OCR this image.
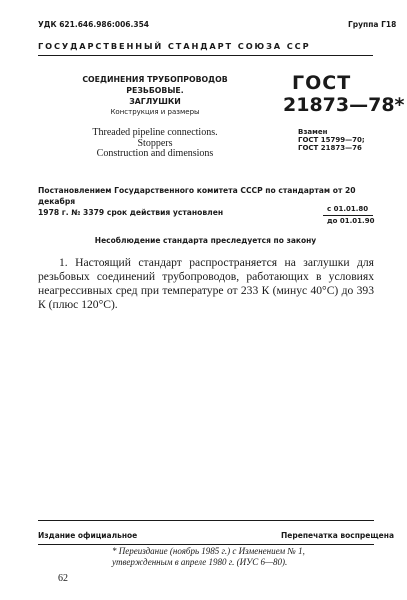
УДК 621.646.986:006.354	Группа Г18
ГОСУДАРСТВЕННЫЙ СТАНДАРТ СОЮЗА ССР
СОЕДИНЕНИЯ ТРУБОПРОВОДОВ РЕЗЬБОВЫЕ.
ЗАГЛУШКИ
Конструкция и размеры
Threaded pipeline connections.
Stoppers
Construction and dimensions
ГОСТ
21873—78*
Взамен
ГОСТ 15799—70;
ГОСТ 21873—76
Постановлением Государственного комитета СССР по стандартам от 20 декабря
1978 г. № 3379 срок действия установлен	с 01.01.80
до 01.01.90
Несоблюдение стандарта преследуется по закону
1. Настоящий стандарт распространяется на заглушки для резьбовых соединений трубопроводов, работающих в условиях неагрессивных сред при температуре от 233 К (минус 40°С) до 393 К (плюс 120°С).
Издание официальное	Перепечатка воспрещена
* Переиздание (ноябрь 1985 г.) с Изменением № 1,
утвержденным в апреле 1980 г. (ИУС 6—80).
62
